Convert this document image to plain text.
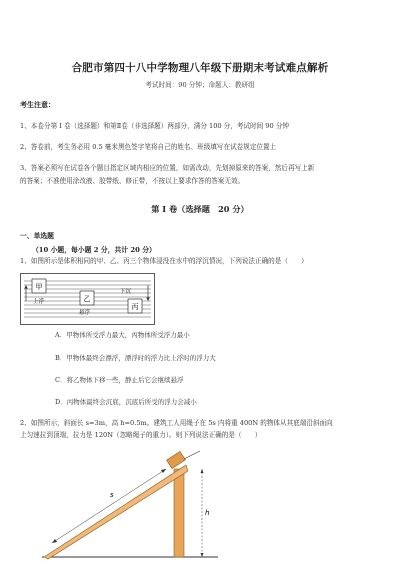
合肥市第四十八中学物理八年级下册期末考试难点解析
考试时间：90 分钟；命题人：教研组
考生注意：
1、本卷分第 I 卷（选择题）和第Ⅱ卷（非选择题）两部分，满分 100 分，考试时间 90 分钟
2、答卷前，考生务必用 0.5 毫米黑色签字笔将自己的姓名、班级填写在试卷规定位置上
3、答案必须写在试卷各个题目指定区域内相应的位置，如需改动，先划掉原来的答案，然后再写上新
的答案；不准使用涂改液、胶带纸、修正带，不按以上要求作答的答案无效。
第 I 卷（选择题　20 分）
一、单选题
（10 小题，每小题 2 分，共计 20 分）
1、如图所示是体积相同的甲、乙、丙三个物体浸没在水中的浮沉情况，下列说法正确的是（　　）
甲
上浮	乙
悬浮
丙
下沉
A．甲物体所受浮力最大，丙物体所受浮力最小
B．甲物体最终会漂浮，漂浮时的浮力比上浮时的浮力大
C．将乙物体下移一些，静止后它会继续悬浮
D．丙物体最终会沉底，沉底后所受的浮力会减小
2、如图所示，斜面长 s=3m，高 h=0.5m。建筑工人用绳子在 5s 内将重 400N 的物体从其底端沿斜面向
上匀速拉到顶端，拉力是 120N（忽略绳子的重力）。则下列说法正确的是（　　）
s
h
